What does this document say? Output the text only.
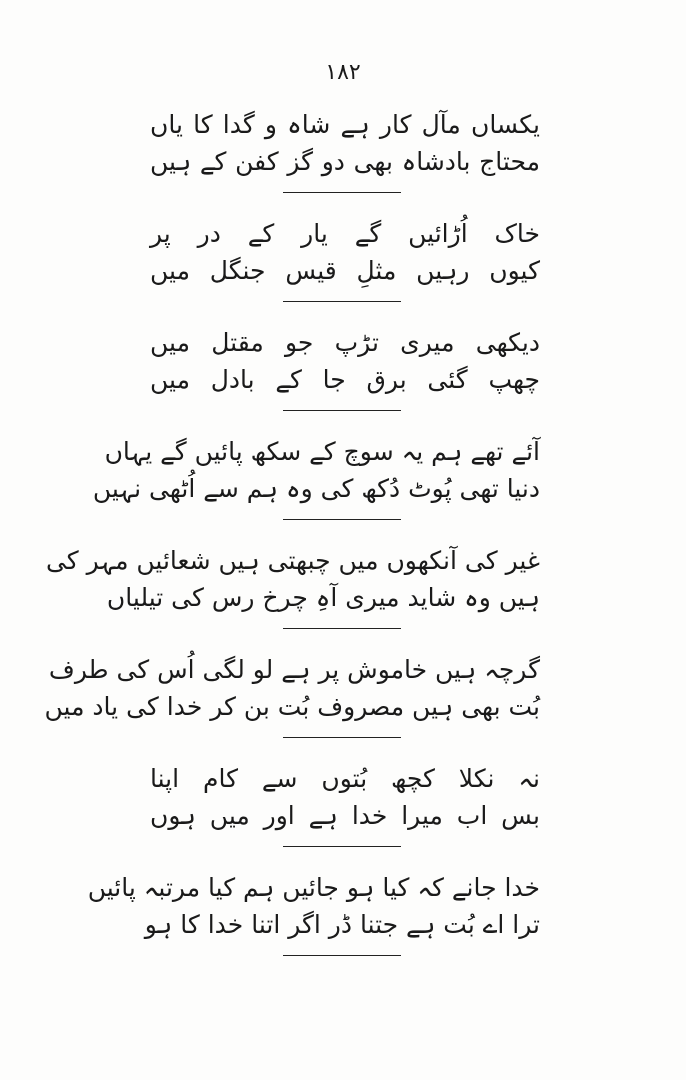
۱۸۲
یکساں مآل کار ہے شاہ و گدا کا یاں
محتاج بادشاہ بھی دو گز کفن کے ہیں
خاک اُڑائیں گے یار کے در پر
کیوں رہیں مثلِ قیس جنگل میں
دیکھی میری تڑپ جو مقتل میں
چھپ گئی برق جا کے بادل میں
آئے تھے ہم یہ سوچ کے سکھ پائیں گے یہاں
دنیا تھی پُوٹ دُکھ کی وہ ہم سے اُٹھی نہیں
غیر کی آنکھوں میں چبھتی ہیں شعائیں مہر کی
ہیں وہ شاید میری آہِ چرخ رس کی تیلیاں
گرچہ ہیں خاموش پر ہے لو لگی اُس کی طرف
بُت بھی ہیں مصروف بُت بن کر خدا کی یاد میں
نہ نکلا کچھ بُتوں سے کام اپنا
بس اب میرا خدا ہے اور میں ہوں
خدا جانے کہ کیا ہو جائیں ہم کیا مرتبہ پائیں
ترا اے بُت ہے جتنا ڈر اگر اتنا خدا کا ہو
